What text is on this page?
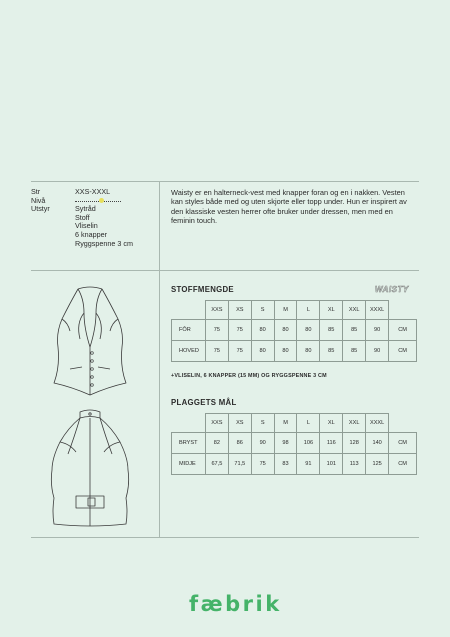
Str	XXS-XXXL
Nivå
Utstyr	Sytråd
Stoff
Vliselin
6 knapper
Ryggspenne 3 cm
Waisty er en halterneck-vest med knapper foran og en i nakken. Vesten kan styles både med og uten skjorte eller topp under. Hun er inspirert av den klassiske vesten herrer ofte bruker under dressen, men med en feminin touch.
STOFFMENGDE	WAISTY
	XXS	XS	S	M	L	XL	XXL	XXXL	
FÔR	75	75	80	80	80	85	85	90	CM
HOVED	75	75	80	80	80	85	85	90	CM
+VLISELIN, 6 KNAPPER (15 MM) OG RYGGSPENNE 3 CM
PLAGGETS MÅL
	XXS	XS	S	M	L	XL	XXL	XXXL	
BRYST	82	86	90	98	106	116	128	140	CM
MIDJE	67,5	71,5	75	83	91	101	113	125	CM
fæbrik
